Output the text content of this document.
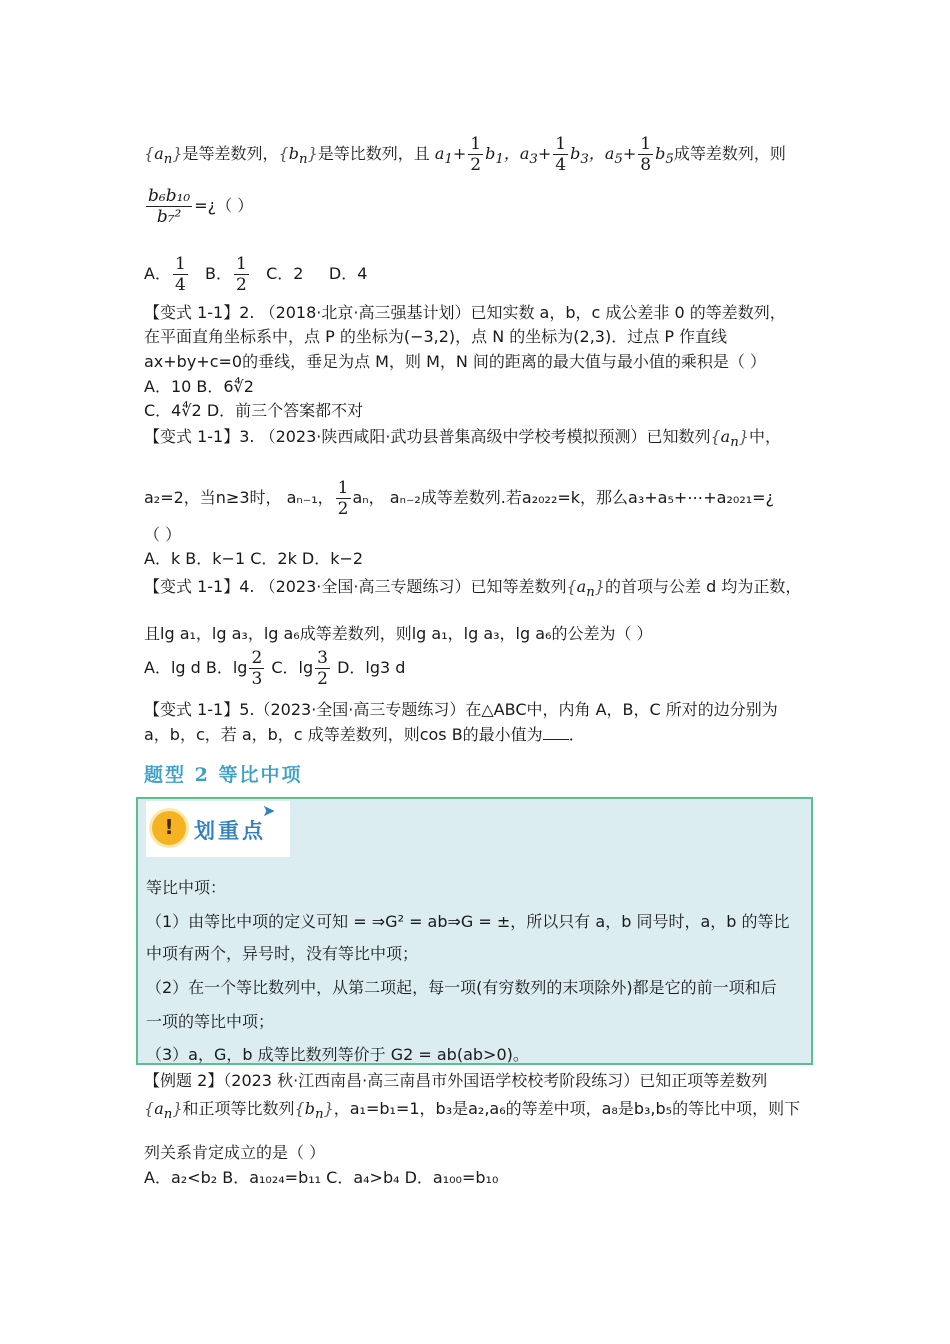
$\{a_n\}$是等差数列，$\{b_n\}$是等比数列，且 $a_1+ \frac{1}{2} b_1$，$a_3+ \frac{1}{4} b_3$，$a_5+ \frac{1}{8} b_5$成等差数列，则
$\frac{\text{b₆b₁₀}}{\text{b₇²}}$ =¿（ ）
A． $\frac{1}{4}$ B． $\frac{1}{2}$ C．2 D．4
【变式 1-1】2. （2018·北京·高三强基计划）已知实数 a，b，c 成公差非 0 的等差数列，
在平面直角坐标系中，点 P 的坐标为(−3,2)，点 N 的坐标为(2,3)．过点 P 作直线
ax+by+c=0的垂线，垂足为点 M，则 M，N 间的距离的最大值与最小值的乘积是（ ）
A．10 B．6∜2
C．4∜2 D．前三个答案都不对
【变式 1-1】3. （2023·陕西咸阳·武功县普集高级中学校考模拟预测）已知数列$\{a_n\}$中，
a₂=2，当n≥3时， aₙ₋₁， $\frac{1}{2}$ aₙ， aₙ₋₂成等差数列.若a₂₀₂₂=k，那么a₃+a₅+⋯+a₂₀₂₁=¿
（ ）
A．k B．k−1 C．2k D．k−2
【变式 1-1】4. （2023·全国·高三专题练习）已知等差数列$\{a_n\}$的首项与公差 d 均为正数，
且lg a₁，lg a₃，lg a₆成等差数列，则lg a₁，lg a₃，lg a₆的公差为（ ）
A．lg d B．$\lg \frac{2}{3}$ C．$\lg \frac{3}{2}$ D．lg3 d
【变式 1-1】5.（2023·全国·高三专题练习）在△ABC中，内角 A，B，C 所对的边分别为
a，b，c，若 a，b，c 成等差数列，则cos B的最小值为 ．
题型 2 等比中项
! 划重点
➤
等比中项：
（1）由等比中项的定义可知 = ⇒G² = ab⇒G = ±，所以只有 a，b 同号时，a，b 的等比
中项有两个，异号时，没有等比中项；
（2）在一个等比数列中，从第二项起，每一项(有穷数列的末项除外)都是它的前一项和后
一项的等比中项；
（3）a，G，b 成等比数列等价于 G2 = ab(ab>0)。
【例题 2】（2023 秋·江西南昌·高三南昌市外国语学校校考阶段练习）已知正项等差数列
$\{a_n\}$和正项等比数列$\{b_n\}$，a₁=b₁=1，b₃是a₂,a₆的等差中项，a₈是b₃,b₅的等比中项，则下
列关系肯定成立的是（ ）
A．a₂<b₂ B．a₁₀₂₄=b₁₁ C．a₄>b₄ D．a₁₀₀=b₁₀
